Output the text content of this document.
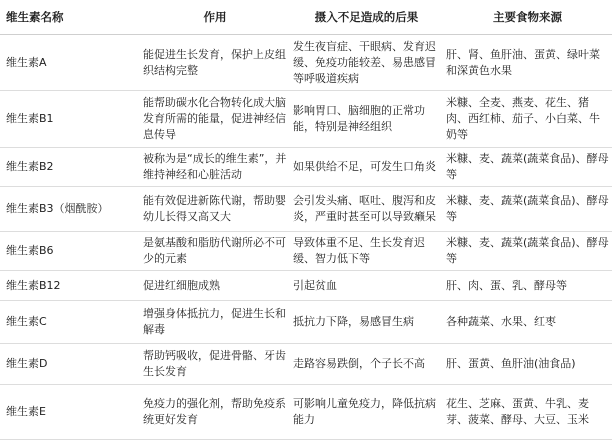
维生素名称	作用	摄入不足造成的后果	主要食物来源
维生素A	能促进生长发育，保护上皮组织结构完整	发生夜盲症、干眼病、发育迟缓、免疫功能较差、易患感冒等呼吸道疾病	肝、肾、鱼肝油、蛋黄、绿叶菜和深黄色水果
维生素B1	能帮助碳水化合物转化成大脑发育所需的能量，促进神经信息传导	影响胃口、脑细胞的正常功能，特别是神经组织	米糠、全麦、燕麦、花生、猪肉、西红柿、茄子、小白菜、牛奶等
维生素B2	被称为是“成长的维生素”，并维持神经和心脏活动	如果供给不足，可发生口角炎	米糠、麦、蔬菜(蔬菜食品)、酵母等
维生素B3（烟酰胺）	能有效促进新陈代谢，帮助婴幼儿长得又高又大	会引发头痛、呕吐、腹泻和皮炎，严重时甚至可以导致癞呆	米糠、麦、蔬菜(蔬菜食品)、酵母等
维生素B6	是氨基酸和脂肪代谢所必不可少的元素	导致体重不足、生长发育迟缓、智力低下等	米糠、麦、蔬菜(蔬菜食品)、酵母等
维生素B12	促进红细胞成熟	引起贫血	肝、肉、蛋、乳、酵母等
维生素C	增强身体抵抗力，促进生长和解毒	抵抗力下降，易感冒生病	各种蔬菜、水果、红枣
维生素D	帮助钙吸收，促进骨骼、牙齿生长发育	走路容易跌倒，个子长不高	肝、蛋黄、鱼肝油(油食品)
维生素E	免疫力的强化剂，帮助免疫系统更好发育	可影响儿童免疫力，降低抗病能力	花生、芝麻、蛋黄、牛乳、麦芽、菠菜、酵母、大豆、玉米
